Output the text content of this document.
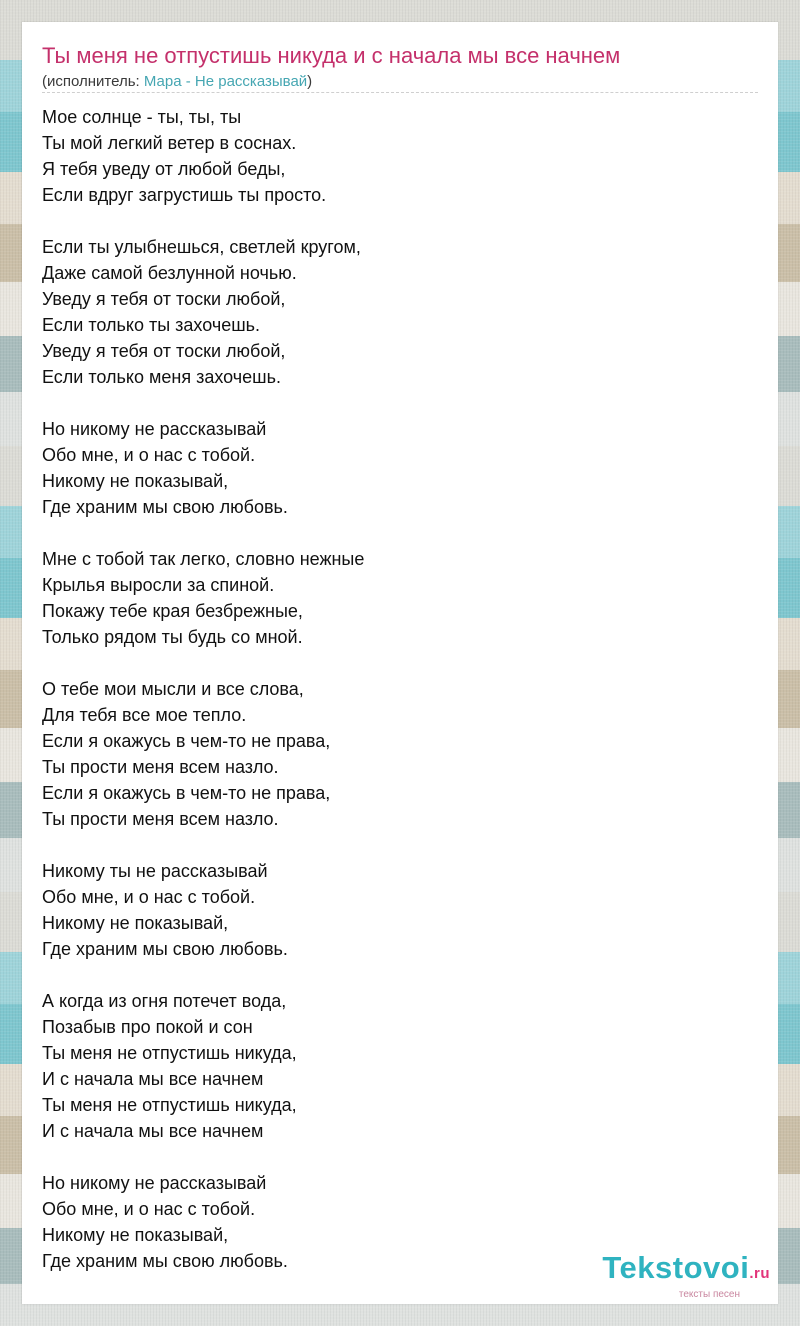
Ты меня не отпустишь никуда и с начала мы все начнем
(исполнитель: Мара - Не рассказывай)
Мое солнце - ты, ты, ты
Ты мой легкий ветер в соснах.
Я тебя уведу от любой беды,
Если вдруг загрустишь ты просто.
Если ты улыбнешься, светлей кругом,
Даже самой безлунной ночью.
Уведу я тебя от тоски любой,
Если только ты захочешь.
Уведу я тебя от тоски любой,
Если только меня захочешь.
Но никому не рассказывай
Обо мне, и о нас с тобой.
Никому не показывай,
Где храним мы свою любовь.
Мне с тобой так легко, словно нежные
Крылья выросли за спиной.
Покажу тебе края безбрежные,
Только рядом ты будь со мной.
О тебе мои мысли и все слова,
Для тебя все мое тепло.
Если я окажусь в чем-то не права,
Ты прости меня всем назло.
Если я окажусь в чем-то не права,
Ты прости меня всем назло.
Никому ты не рассказывай
Обо мне, и о нас с тобой.
Никому не показывай,
Где храним мы свою любовь.
А когда из огня потечет вода,
Позабыв про покой и сон
Ты меня не отпустишь никуда,
И с начала мы все начнем
Ты меня не отпустишь никуда,
И с начала мы все начнем
Но никому не рассказывай
Обо мне, и о нас с тобой.
Никому не показывай,
Где храним мы свою любовь.	Tekstovoi.ru
тексты песен
